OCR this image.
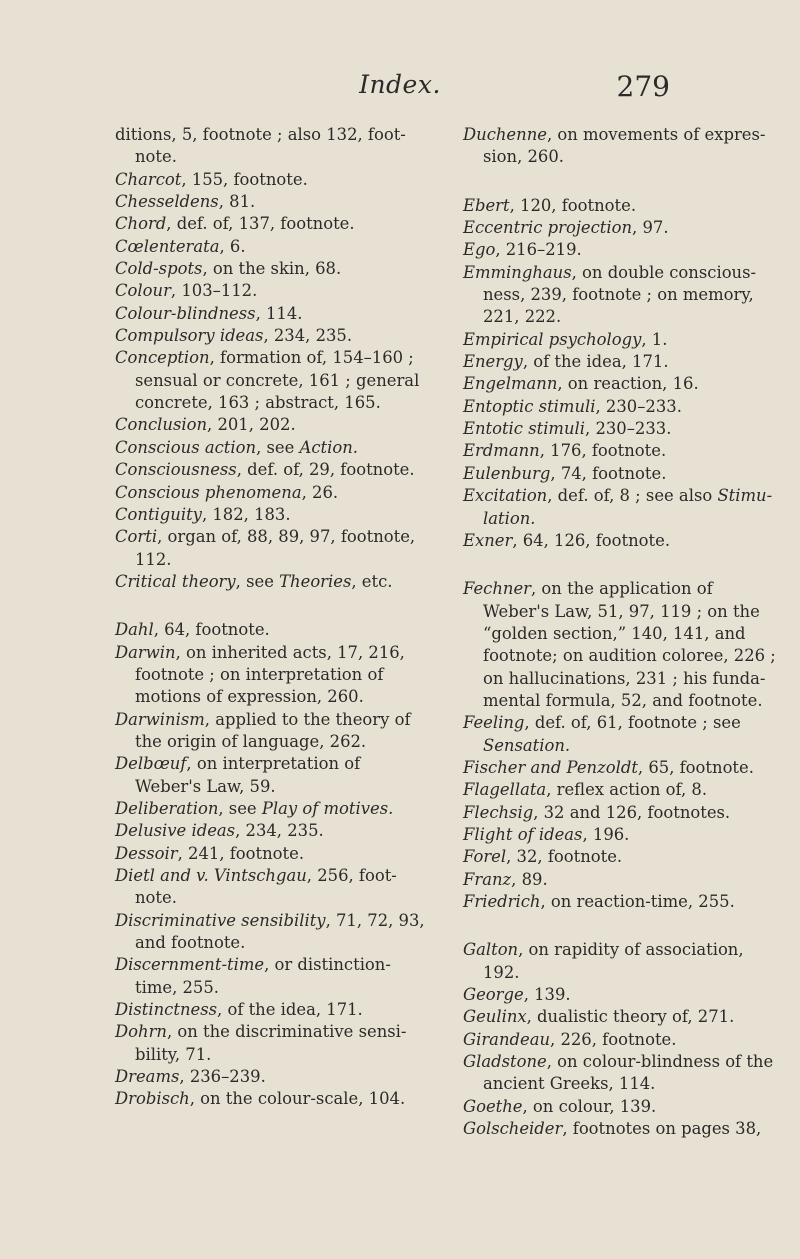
Index.	279
ditions, 5, footnote ; also 132, foot-note.
Charcot, 155, footnote.
Chesseldens, 81.
Chord, def. of, 137, footnote.
Cœlenterata, 6.
Cold-spots, on the skin, 68.
Colour, 103–112.
Colour-blindness, 114.
Compulsory ideas, 234, 235.
Conception, formation of, 154–160 ; sensual or concrete, 161 ; general concrete, 163 ; abstract, 165.
Conclusion, 201, 202.
Conscious action, see Action.
Consciousness, def. of, 29, footnote.
Conscious phenomena, 26.
Contiguity, 182, 183.
Corti, organ of, 88, 89, 97, footnote, 112.
Critical theory, see Theories, etc.
Dahl, 64, footnote.
Darwin, on inherited acts, 17, 216, footnote ; on interpretation of motions of expression, 260.
Darwinism, applied to the theory of the origin of language, 262.
Delbœuf, on interpretation of Weber's Law, 59.
Deliberation, see Play of motives.
Delusive ideas, 234, 235.
Dessoir, 241, footnote.
Dietl and v. Vintschgau, 256, foot-note.
Discriminative sensibility, 71, 72, 93, and footnote.
Discernment-time, or distinction-time, 255.
Distinctness, of the idea, 171.
Dohrn, on the discriminative sensi-bility, 71.
Dreams, 236–239.
Drobisch, on the colour-scale, 104.
Duchenne, on movements of expres-sion, 260.
Ebert, 120, footnote.
Eccentric projection, 97.
Ego, 216–219.
Emminghaus, on double conscious-ness, 239, footnote ; on memory, 221, 222.
Empirical psychology, 1.
Energy, of the idea, 171.
Engelmann, on reaction, 16.
Entoptic stimuli, 230–233.
Entotic stimuli, 230–233.
Erdmann, 176, footnote.
Eulenburg, 74, footnote.
Excitation, def. of, 8 ; see also Stimu-lation.
Exner, 64, 126, footnote.
Fechner, on the application of Weber's Law, 51, 97, 119 ; on the “golden section,” 140, 141, and footnote; on audition coloree, 226 ; on hallucinations, 231 ; his funda-mental formula, 52, and footnote.
Feeling, def. of, 61, footnote ; see Sensation.
Fischer and Penzoldt, 65, footnote.
Flagellata, reflex action of, 8.
Flechsig, 32 and 126, footnotes.
Flight of ideas, 196.
Forel, 32, footnote.
Franz, 89.
Friedrich, on reaction-time, 255.
Galton, on rapidity of association, 192.
George, 139.
Geulinx, dualistic theory of, 271.
Girandeau, 226, footnote.
Gladstone, on colour-blindness of the ancient Greeks, 114.
Goethe, on colour, 139.
Golscheider, footnotes on pages 38,
